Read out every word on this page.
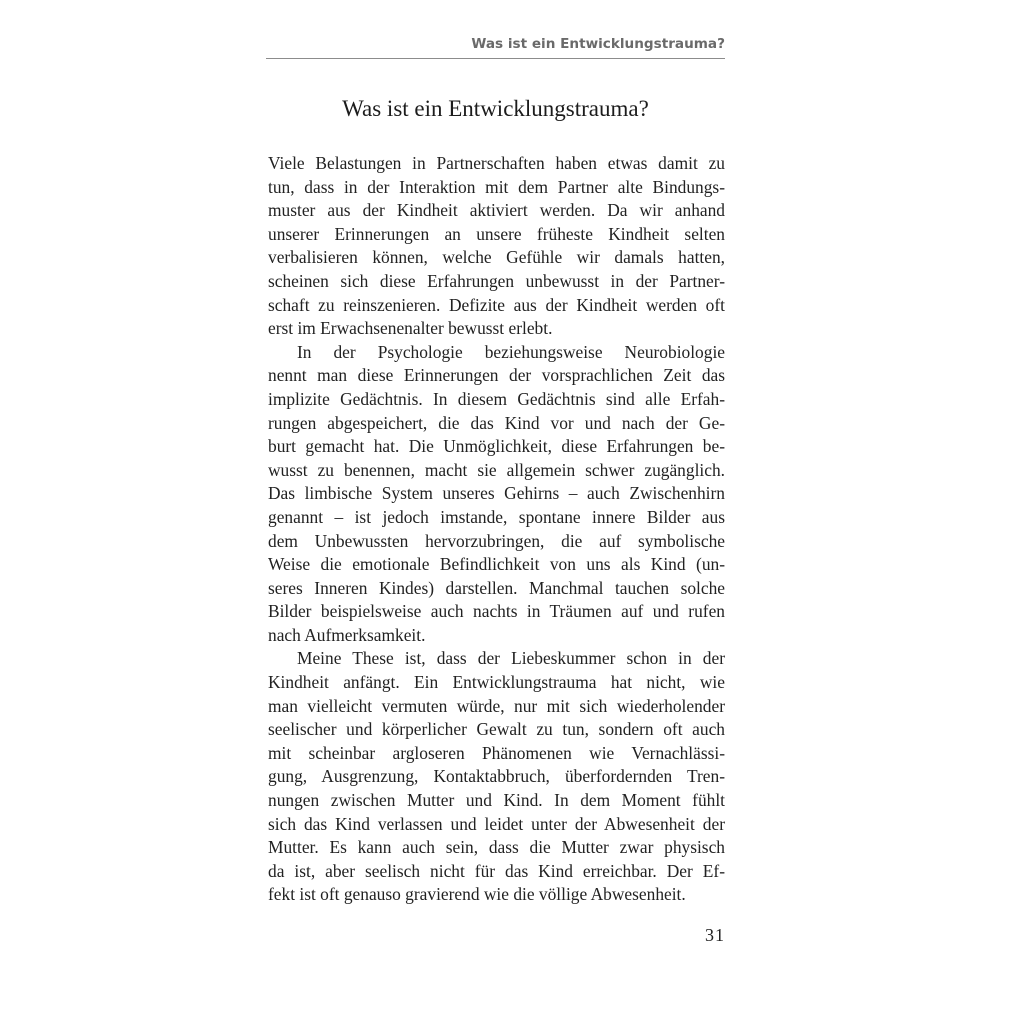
Was ist ein Entwicklungstrauma?
Was ist ein Entwicklungstrauma?
Viele Belastungen in Partnerschaften haben etwas damit zu
tun, dass in der Interaktion mit dem Partner alte Bindungs-
muster aus der Kindheit aktiviert werden. Da wir anhand
unserer Erinnerungen an unsere früheste Kindheit selten
verbalisieren können, welche Gefühle wir damals hatten,
scheinen sich diese Erfahrungen unbewusst in der Partner-
schaft zu reinszenieren. Defizite aus der Kindheit werden oft
erst im Erwachsenenalter bewusst erlebt.
In der Psychologie beziehungsweise Neurobiologie
nennt man diese Erinnerungen der vorsprachlichen Zeit das
implizite Gedächtnis. In diesem Gedächtnis sind alle Erfah-
rungen abgespeichert, die das Kind vor und nach der Ge-
burt gemacht hat. Die Unmöglichkeit, diese Erfahrungen be-
wusst zu benennen, macht sie allgemein schwer zugänglich.
Das limbische System unseres Gehirns – auch Zwischenhirn
genannt – ist jedoch imstande, spontane innere Bilder aus
dem Unbewussten hervorzubringen, die auf symbolische
Weise die emotionale Befindlichkeit von uns als Kind (un-
seres Inneren Kindes) darstellen. Manchmal tauchen solche
Bilder beispielsweise auch nachts in Träumen auf und rufen
nach Aufmerksamkeit.
Meine These ist, dass der Liebeskummer schon in der
Kindheit anfängt. Ein Entwicklungstrauma hat nicht, wie
man vielleicht vermuten würde, nur mit sich wiederholender
seelischer und körperlicher Gewalt zu tun, sondern oft auch
mit scheinbar argloseren Phänomenen wie Vernachlässi-
gung, Ausgrenzung, Kontaktabbruch, überfordernden Tren-
nungen zwischen Mutter und Kind. In dem Moment fühlt
sich das Kind verlassen und leidet unter der Abwesenheit der
Mutter. Es kann auch sein, dass die Mutter zwar physisch
da ist, aber seelisch nicht für das Kind erreichbar. Der Ef-
fekt ist oft genauso gravierend wie die völlige Abwesenheit.
31
